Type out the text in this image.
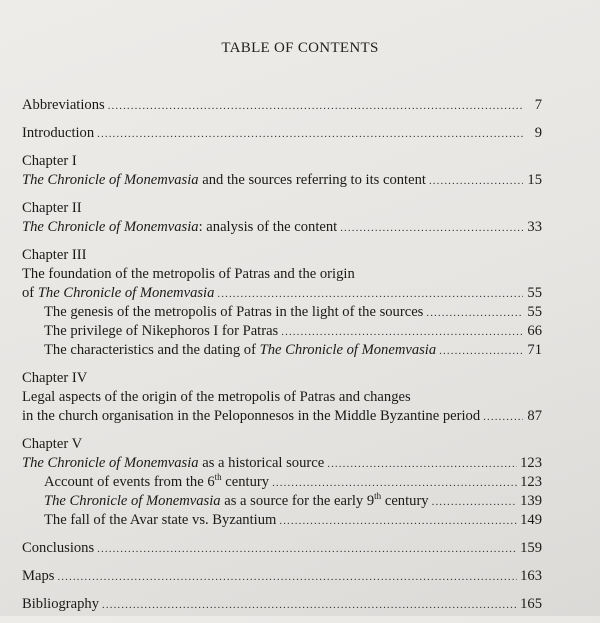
TABLE OF CONTENTS
Abbreviations .....	7
Introduction .....	9
Chapter I
The Chronicle of Monemvasia and the sources referring to its content .....	15
Chapter II
The Chronicle of Monemvasia: analysis of the content .....	33
Chapter III
The foundation of the metropolis of Patras and the origin
of The Chronicle of Monemvasia .....	55
The genesis of the metropolis of Patras in the light of the sources .....	55
The privilege of Nikephoros I for Patras .....	66
The characteristics and the dating of The Chronicle of Monemvasia .....	71
Chapter IV
Legal aspects of the origin of the metropolis of Patras and changes
in the church organisation in the Peloponnesos in the Middle Byzantine period .....	87
Chapter V
The Chronicle of Monemvasia as a historical source .....	123
Account of events from the 6th century .....	123
The Chronicle of Monemvasia as a source for the early 9th century .....	139
The fall of the Avar state vs. Byzantium .....	149
Conclusions .....	159
Maps .....	163
Bibliography .....	165
